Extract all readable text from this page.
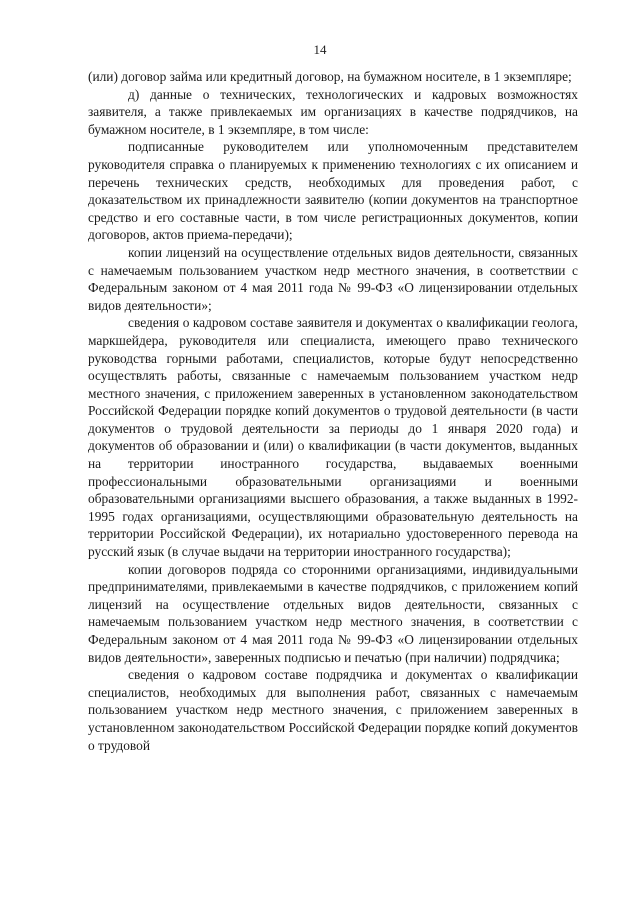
14

(или) договор займа или кредитный договор, на бумажном носителе, в 1 экземпляре;

д) данные о технических, технологических и кадровых возможностях заявителя, а также привлекаемых им организациях в качестве подрядчиков, на бумажном носителе, в 1 экземпляре, в том числе:

подписанные руководителем или уполномоченным представителем руководителя справка о планируемых к применению технологиях с их описанием и перечень технических средств, необходимых для проведения работ, с доказательством их принадлежности заявителю (копии документов на транспортное средство и его составные части, в том числе регистрационных документов, копии договоров, актов приема-передачи);

копии лицензий на осуществление отдельных видов деятельности, связанных с намечаемым пользованием участком недр местного значения, в соответствии с Федеральным законом от 4 мая 2011 года № 99-ФЗ «О лицензировании отдельных видов деятельности»;

сведения о кадровом составе заявителя и документах о квалификации геолога, маркшейдера, руководителя или специалиста, имеющего право технического руководства горными работами, специалистов, которые будут непосредственно осуществлять работы, связанные с намечаемым пользованием участком недр местного значения, с приложением заверенных в установленном законодательством Российской Федерации порядке копий документов о трудовой деятельности (в части документов о трудовой деятельности за периоды до 1 января 2020 года) и документов об образовании и (или) о квалификации (в части документов, выданных на территории иностранного государства, выдаваемых военными профессиональными образовательными организациями и военными образовательными организациями высшего образования, а также выданных в 1992-1995 годах организациями, осуществляющими образовательную деятельность на территории Российской Федерации), их нотариально удостоверенного перевода на русский язык (в случае выдачи на территории иностранного государства);

копии договоров подряда со сторонними организациями, индивидуальными предпринимателями, привлекаемыми в качестве подрядчиков, с приложением копий лицензий на осуществление отдельных видов деятельности, связанных с намечаемым пользованием участком недр местного значения, в соответствии с Федеральным законом от 4 мая 2011 года № 99-ФЗ «О лицензировании отдельных видов деятельности», заверенных подписью и печатью (при наличии) подрядчика;

сведения о кадровом составе подрядчика и документах о квалификации специалистов, необходимых для выполнения работ, связанных с намечаемым пользованием участком недр местного значения, с приложением заверенных в установленном законодательством Российской Федерации порядке копий документов о трудовой
